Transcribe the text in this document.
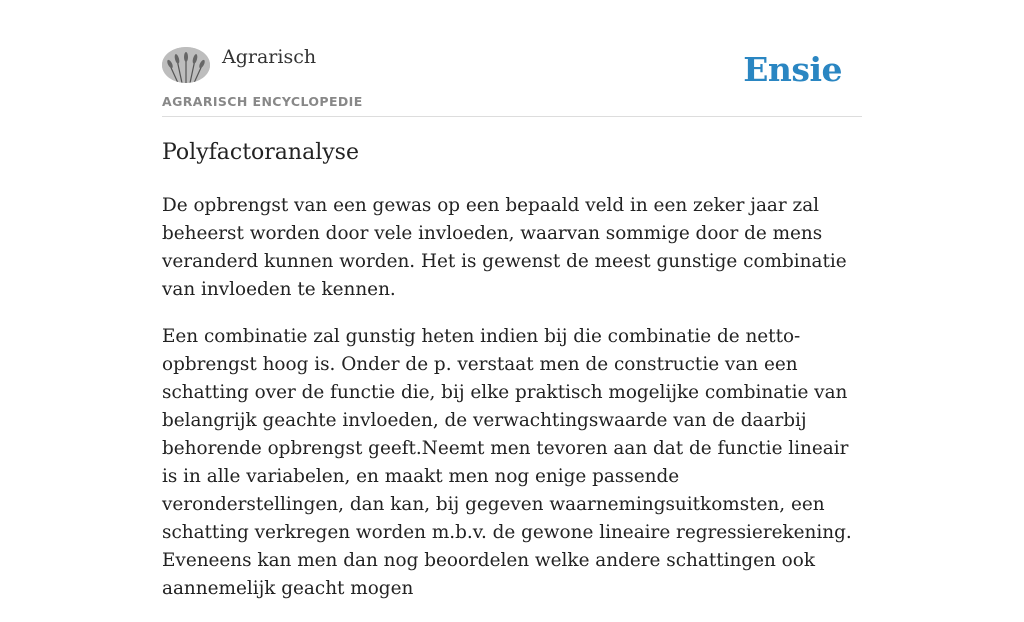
Agrarisch	Ensie
AGRARISCH ENCYCLOPEDIE
Polyfactoranalyse

De opbrengst van een gewas op een bepaald veld in een zeker jaar zal beheerst worden door vele invloeden, waarvan sommige door de mens veranderd kunnen worden. Het is gewenst de meest gunstige combinatie van invloeden te kennen.

Een combinatie zal gunstig heten indien bij die combinatie de netto-opbrengst hoog is. Onder de p. verstaat men de constructie van een schatting over de functie die, bij elke praktisch mogelijke combinatie van belangrijk geachte invloeden, de verwachtingswaarde van de daarbij behorende opbrengst geeft.Neemt men tevoren aan dat de functie lineair is in alle variabelen, en maakt men nog enige passende veronderstellingen, dan kan, bij gegeven waarnemingsuitkomsten, een schatting verkregen worden m.b.v. de gewone lineaire regressierekening. Eveneens kan men dan nog beoordelen welke andere schattingen ook aannemelijk geacht mogen
